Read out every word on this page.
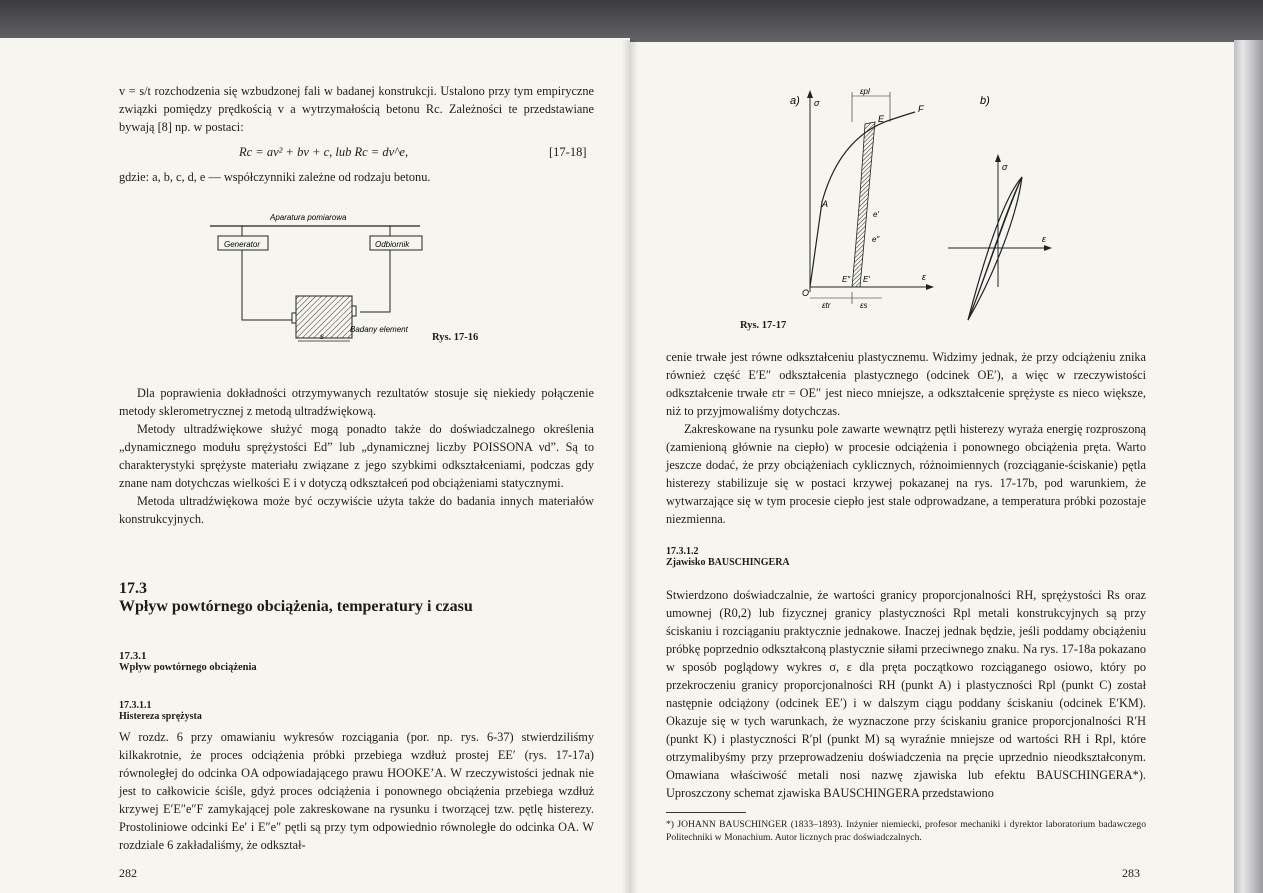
v = s/t rozchodzenia się wzbudzonej fali w badanej konstrukcji. Ustalono przy tym empiryczne związki pomiędzy prędkością v a wytrzymałością betonu Rc. Zależności te przedstawiane bywają [8] np. w postaci:

Rc = av² + bv + c, lub Rc = dv^e,	[17-18]

gdzie: a, b, c, d, e — współczynniki zależne od rodzaju betonu.

Aparatura pomiarowa
Generator	Odbiornik
Badany element
s	Rys. 17-16

Dla poprawienia dokładności otrzymywanych rezultatów stosuje się niekiedy połączenie metody sklerometrycznej z metodą ultradźwiękową.

Metody ultradźwiękowe służyć mogą ponadto także do doświadczalnego określenia „dynamicznego modułu sprężystości Ed” lub „dynamicznej liczby POISSONA νd”. Są to charakterystyki sprężyste materiału związane z jego szybkimi odkształceniami, podczas gdy znane nam dotychczas wielkości E i ν dotyczą odkształceń pod obciążeniami statycznymi.

Metoda ultradźwiękowa może być oczywiście użyta także do badania innych materiałów konstrukcyjnych.

17.3
Wpływ powtórnego obciążenia, temperatury i czasu
17.3.1
Wpływ powtórnego obciążenia
17.3.1.1
Histereza sprężysta

W rozdz. 6 przy omawianiu wykresów rozciągania (por. np. rys. 6-37) stwierdziliśmy kilkakrotnie, że proces odciążenia próbki przebiega wzdłuż prostej EE′ (rys. 17-17a) równoległej do odcinka OA odpowiadającego prawu HOOKE’A. W rzeczywistości jednak nie jest to całkowicie ściśle, gdyż proces odciążenia i ponownego obciążenia przebiega wzdłuż krzywej E′E″e″F zamykającej pole zakreskowane na rysunku i tworzącej tzw. pętlę histerezy. Prostoliniowe odcinki Ee′ i E″e″ pętli są przy tym odpowiednio równoległe do odcinka OA. W rozdziale 6 zakładaliśmy, że odkształ-

282
a) σ
ε
A
E
F
e′
e″
E″ E′
O
εpl
εtr	εs
b)
σ
ε
Rys. 17-17

cenie trwałe jest równe odkształceniu plastycznemu. Widzimy jednak, że przy odciążeniu znika również część E′E″ odkształcenia plastycznego (odcinek OE′), a więc w rzeczywistości odkształcenie trwałe εtr = OE″ jest nieco mniejsze, a odkształcenie sprężyste εs nieco większe, niż to przyjmowaliśmy dotychczas.

Zakreskowane na rysunku pole zawarte wewnątrz pętli histerezy wyraża energię rozproszoną (zamienioną głównie na ciepło) w procesie odciążenia i ponownego obciążenia pręta. Warto jeszcze dodać, że przy obciążeniach cyklicznych, różnoimiennych (rozciąganie-ściskanie) pętla histerezy stabilizuje się w postaci krzywej pokazanej na rys. 17-17b, pod warunkiem, że wytwarzające się w tym procesie ciepło jest stale odprowadzane, a temperatura próbki pozostaje niezmienna.

17.3.1.2
Zjawisko BAUSCHINGERA

Stwierdzono doświadczalnie, że wartości granicy proporcjonalności RH, sprężystości Rs oraz umownej (R0,2) lub fizycznej granicy plastyczności Rpl metali konstrukcyjnych są przy ściskaniu i rozciąganiu praktycznie jednakowe. Inaczej jednak będzie, jeśli poddamy obciążeniu próbkę poprzednio odkształconą plastycznie siłami przeciwnego znaku. Na rys. 17-18a pokazano w sposób poglądowy wykres σ, ε dla pręta początkowo rozciąganego osiowo, który po przekroczeniu granicy proporcjonalności RH (punkt A) i plastyczności Rpl (punkt C) został następnie odciążony (odcinek EE′) i w dalszym ciągu poddany ściskaniu (odcinek E′KM). Okazuje się w tych warunkach, że wyznaczone przy ściskaniu granice proporcjonalności R′H (punkt K) i plastyczności R′pl (punkt M) są wyraźnie mniejsze od wartości RH i Rpl, które otrzymalibyśmy przy przeprowadzeniu doświadczenia na pręcie uprzednio nieodkształconym. Omawiana właściwość metali nosi nazwę zjawiska lub efektu BAUSCHINGERA*). Uproszczony schemat zjawiska BAUSCHINGERA przedstawiono

*) JOHANN BAUSCHINGER (1833–1893). Inżynier niemiecki, profesor mechaniki i dyrektor laboratorium badawczego Politechniki w Monachium. Autor licznych prac doświadczalnych.
283
